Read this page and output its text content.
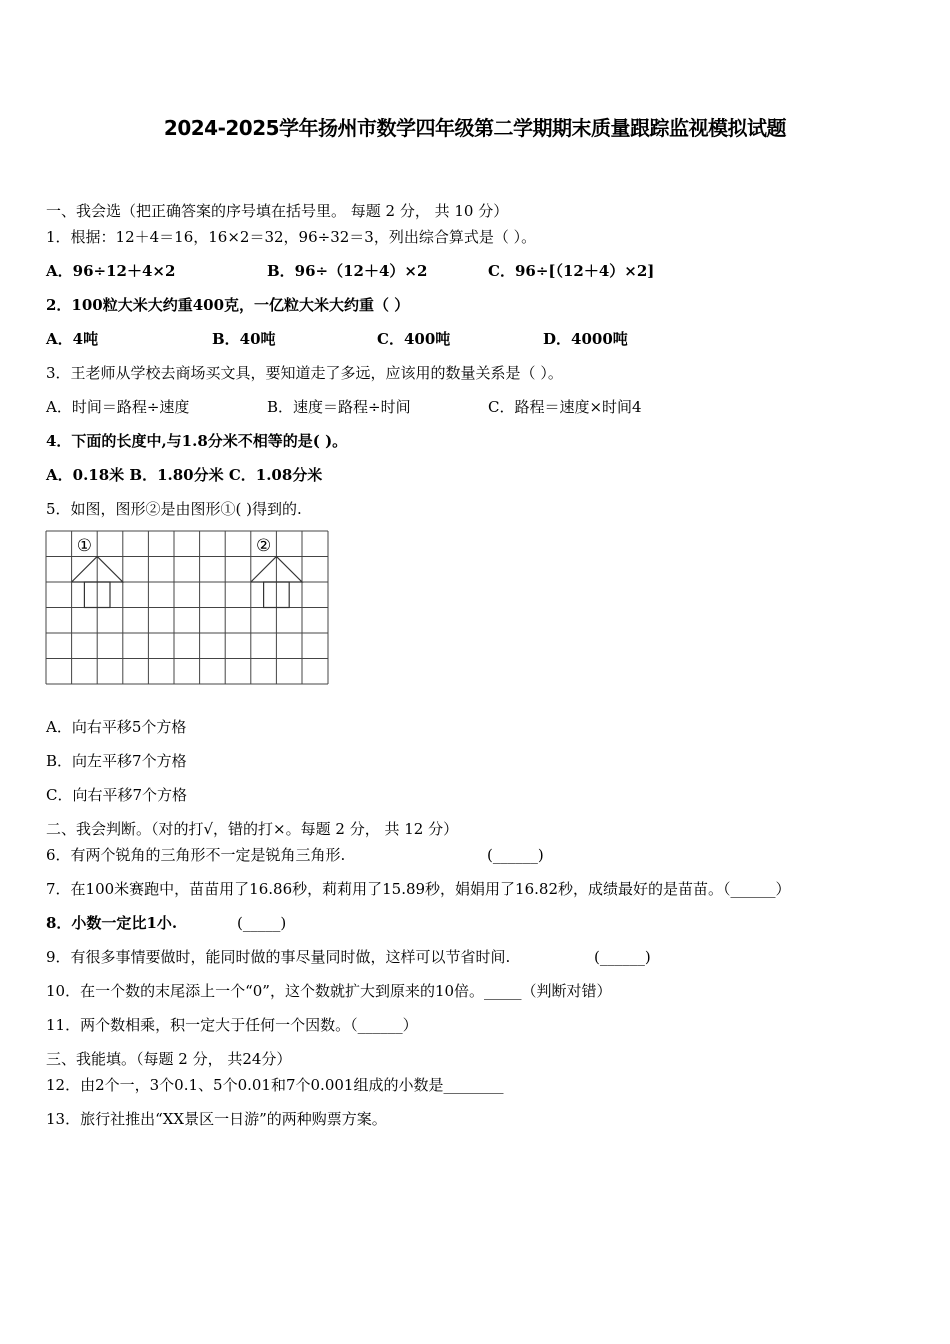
2024-2025学年扬州市数学四年级第二学期期末质量跟踪监视模拟试题
一、我会选（把正确答案的序号填在括号里。 每题 2 分， 共 10 分）
1．根据：12＋4＝16，16×2＝32，96÷32＝3，列出综合算式是（ ）。
A．96÷12＋4×2	B．96÷（12＋4）×2	C．96÷[（12＋4）×2]
2．100粒大米大约重400克，一亿粒大米大约重（ ）
A．4吨	B．40吨	C．400吨	D．4000吨
3．王老师从学校去商场买文具，要知道走了多远，应该用的数量关系是（ ）。
A．时间＝路程÷速度	B．速度＝路程÷时间	C．路程＝速度×时间4
4．下面的长度中,与1.8分米不相等的是( )。
A．0.18米 B．1.80分米 C．1.08分米
5．如图，图形②是由图形①( )得到的.
①	②
A．向右平移5个方格
B．向左平移7个方格
C．向右平移7个方格
二、我会判断。（对的打√，错的打×。每题 2 分， 共 12 分）
6．有两个锐角的三角形不一定是锐角三角形.	(______)
7．在100米赛跑中，苗苗用了16.86秒，莉莉用了15.89秒，娟娟用了16.82秒，成绩最好的是苗苗。（______）
8．小数一定比1小.	(_____)
9．有很多事情要做时，能同时做的事尽量同时做，这样可以节省时间.	(______)
10．在一个数的末尾添上一个“0”，这个数就扩大到原来的10倍。_____（判断对错）
11．两个数相乘，积一定大于任何一个因数。（______）
三、我能填。（每题 2 分， 共24分）
12．由2个一，3个0.1、5个0.01和7个0.001组成的小数是________
13．旅行社推出“XX景区一日游”的两种购票方案。
